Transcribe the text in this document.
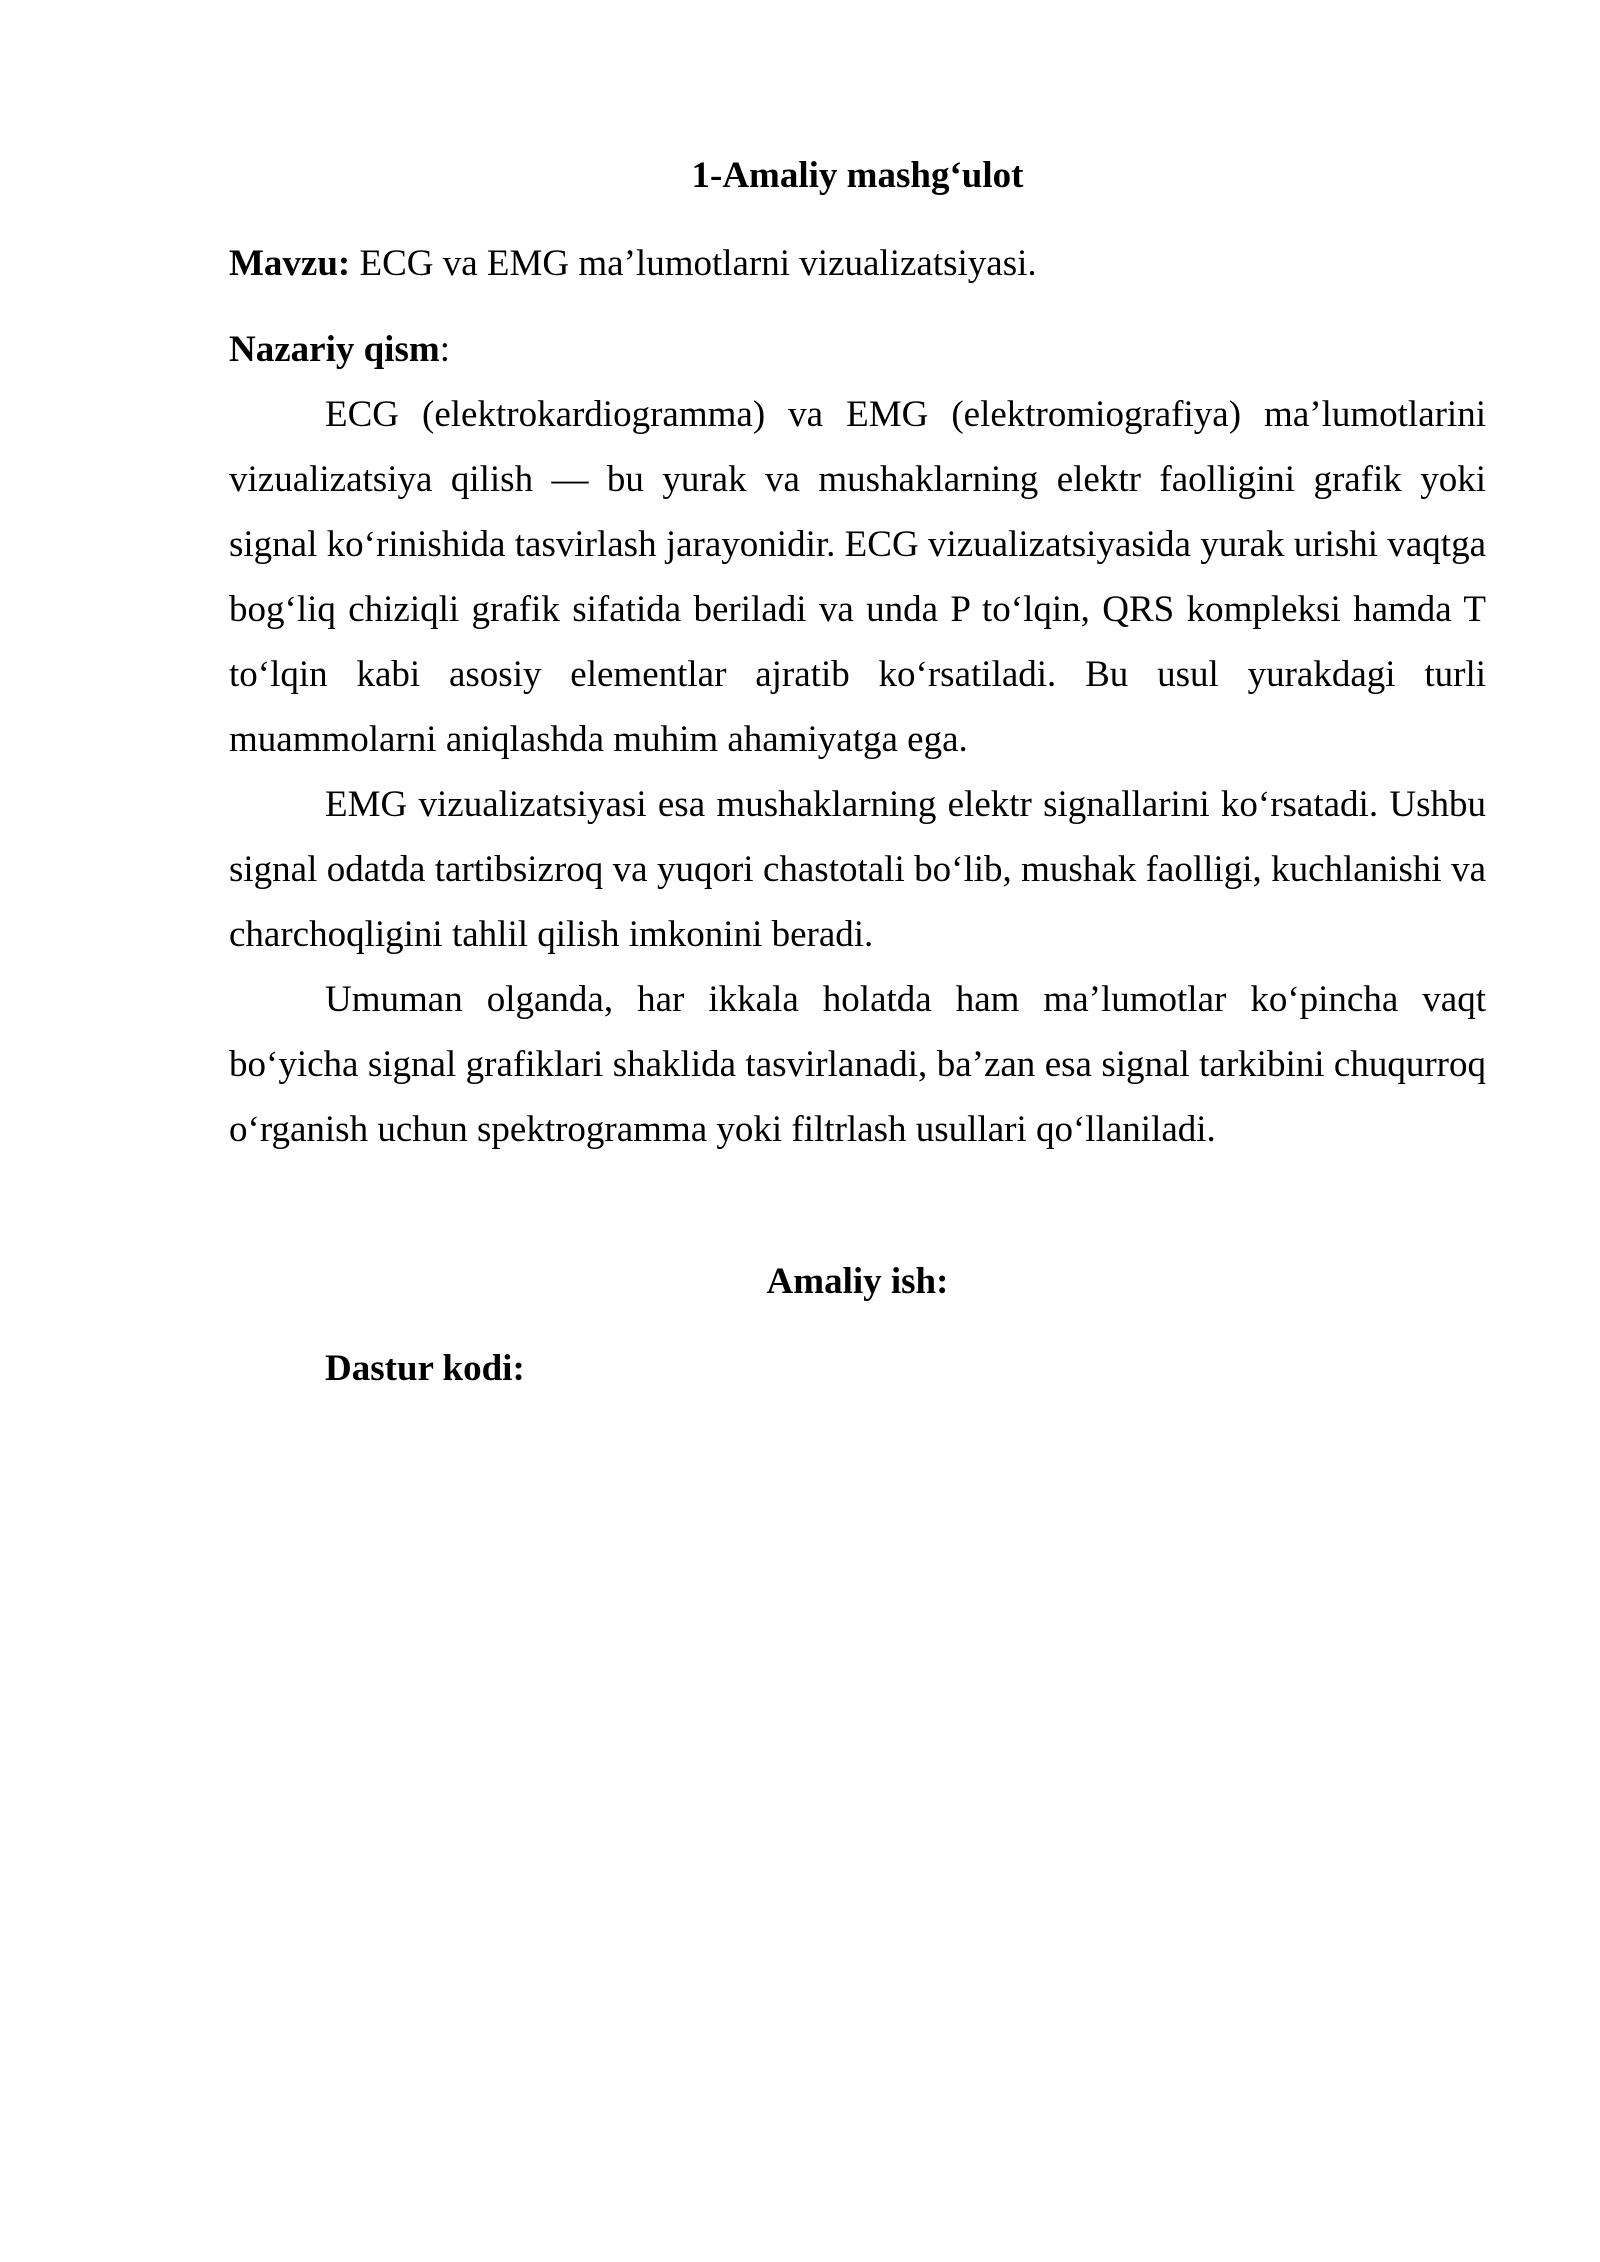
1-Amaliy mashg‘ulot
Mavzu: ECG va EMG ma’lumotlarni vizualizatsiyasi.
Nazariy qism:

ECG (elektrokardiogramma) va EMG (elektromiografiya) ma’lumotlarini vizualizatsiya qilish — bu yurak va mushaklarning elektr faolligini grafik yoki signal ko‘rinishida tasvirlash jarayonidir. ECG vizualizatsiyasida yurak urishi vaqtga bog‘liq chiziqli grafik sifatida beriladi va unda P to‘lqin, QRS kompleksi hamda T to‘lqin kabi asosiy elementlar ajratib ko‘rsatiladi. Bu usul yurakdagi turli muammolarni aniqlashda muhim ahamiyatga ega.

EMG vizualizatsiyasi esa mushaklarning elektr signallarini ko‘rsatadi. Ushbu signal odatda tartibsizroq va yuqori chastotali bo‘lib, mushak faolligi, kuchlanishi va charchoqligini tahlil qilish imkonini beradi.

Umuman olganda, har ikkala holatda ham ma’lumotlar ko‘pincha vaqt bo‘yicha signal grafiklari shaklida tasvirlanadi, ba’zan esa signal tarkibini chuqurroq o‘rganish uchun spektrogramma yoki filtrlash usullari qo‘llaniladi.

Amaliy ish:
Dastur kodi:
